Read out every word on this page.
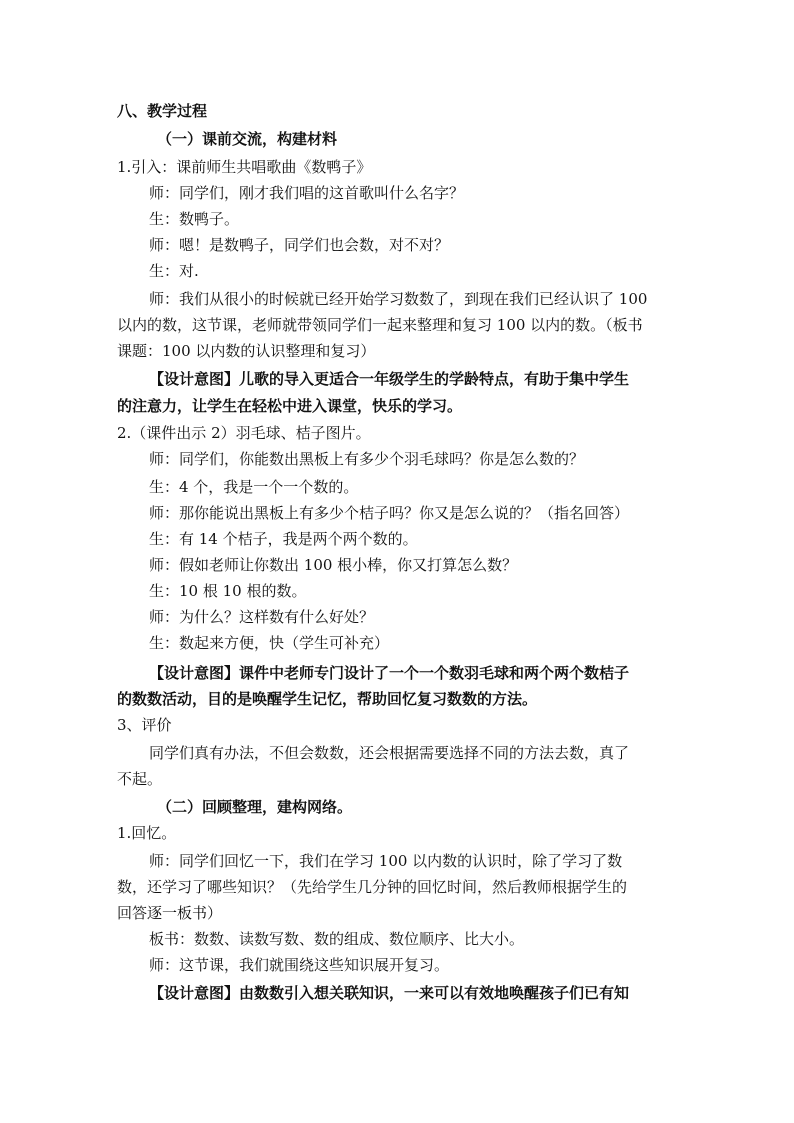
八、教学过程
（一）课前交流，构建材料
1.引入：课前师生共唱歌曲《数鸭子》
师：同学们，刚才我们唱的这首歌叫什么名字？
生：数鸭子。
师：嗯！是数鸭子，同学们也会数，对不对？
生：对.
师：我们从很小的时候就已经开始学习数数了，到现在我们已经认识了 100
以内的数，这节课，老师就带领同学们一起来整理和复习 100 以内的数。（板书
课题：100 以内数的认识整理和复习）
【设计意图】儿歌的导入更适合一年级学生的学龄特点，有助于集中学生
的注意力，让学生在轻松中进入课堂，快乐的学习。
2.（课件出示 2）羽毛球、桔子图片。
师：同学们，你能数出黑板上有多少个羽毛球吗？你是怎么数的？
生：4 个，我是一个一个数的。
师：那你能说出黑板上有多少个桔子吗？你又是怎么说的？（指名回答）
生：有 14 个桔子，我是两个两个数的。
师：假如老师让你数出 100 根小棒，你又打算怎么数？
生：10 根 10 根的数。
师：为什么？这样数有什么好处？
生：数起来方便，快（学生可补充）
【设计意图】课件中老师专门设计了一个一个数羽毛球和两个两个数桔子
的数数活动，目的是唤醒学生记忆，帮助回忆复习数数的方法。
3、评价
同学们真有办法，不但会数数，还会根据需要选择不同的方法去数，真了
不起。
（二）回顾整理，建构网络。
1.回忆。
师：同学们回忆一下，我们在学习 100 以内数的认识时，除了学习了数
数，还学习了哪些知识？（先给学生几分钟的回忆时间，然后教师根据学生的
回答逐一板书）
板书：数数、读数写数、数的组成、数位顺序、比大小。
师：这节课，我们就围绕这些知识展开复习。
【设计意图】由数数引入想关联知识，一来可以有效地唤醒孩子们已有知
